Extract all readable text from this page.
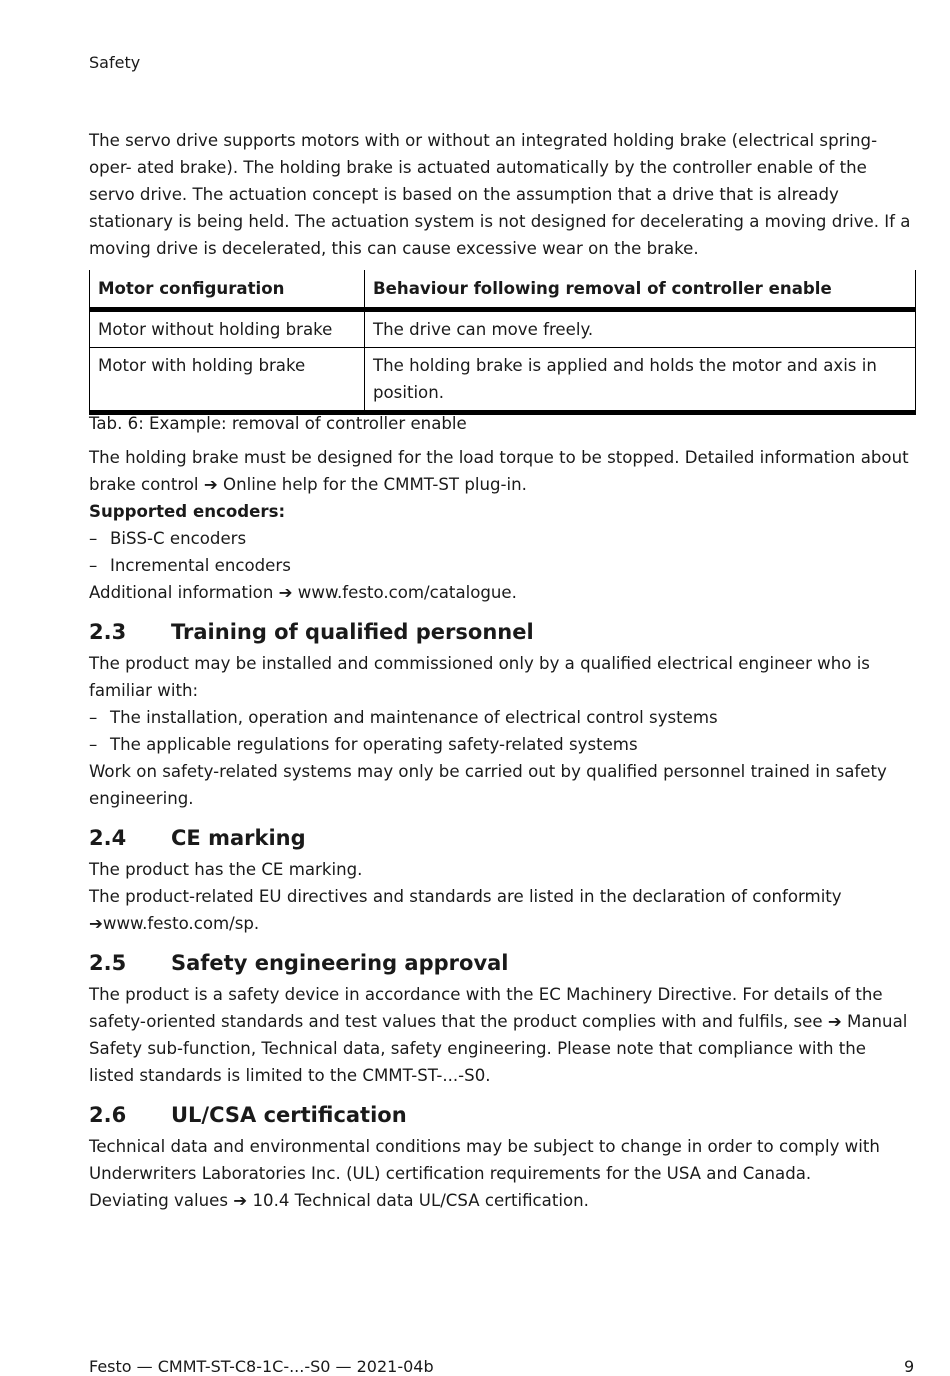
Safety

The servo drive supports motors with or without an integrated holding brake (electrical spring-oper- ated brake). The holding brake is actuated automatically by the controller enable of the servo drive. The actuation concept is based on the assumption that a drive that is already stationary is being held. The actuation system is not designed for decelerating a moving drive. If a moving drive is decelerated, this can cause excessive wear on the brake.

Motor configuration	Behaviour following removal of controller enable
Motor without holding brake	The drive can move freely.
Motor with holding brake	The holding brake is applied and holds the motor and axis in position.
Tab. 6: Example: removal of controller enable

The holding brake must be designed for the load torque to be stopped. Detailed information about brake control ➔ Online help for the CMMT-ST plug-in.

Supported encoders:

– BiSS-C encoders
– Incremental encoders

Additional information ➔ www.festo.com/catalogue.

2.3 Training of qualified personnel

The product may be installed and commissioned only by a qualified electrical engineer who is familiar with:

– The installation, operation and maintenance of electrical control systems
– The applicable regulations for operating safety-related systems

Work on safety-related systems may only be carried out by qualified personnel trained in safety engineering.

2.4 CE marking

The product has the CE marking.

The product-related EU directives and standards are listed in the declaration of conformity

➔www.festo.com/sp.

2.5 Safety engineering approval

The product is a safety device in accordance with the EC Machinery Directive. For details of the safety-oriented standards and test values that the product complies with and fulfils, see ➔ Manual Safety sub-function, Technical data, safety engineering. Please note that compliance with the listed standards is limited to the CMMT-ST-...-S0.

2.6 UL/CSA certification

Technical data and environmental conditions may be subject to change in order to comply with Underwriters Laboratories Inc. (UL) certification requirements for the USA and Canada.

Deviating values ➔ 10.4 Technical data UL/CSA certification.

Festo — CMMT-ST-C8-1C-...-S0 — 2021-04b	9
